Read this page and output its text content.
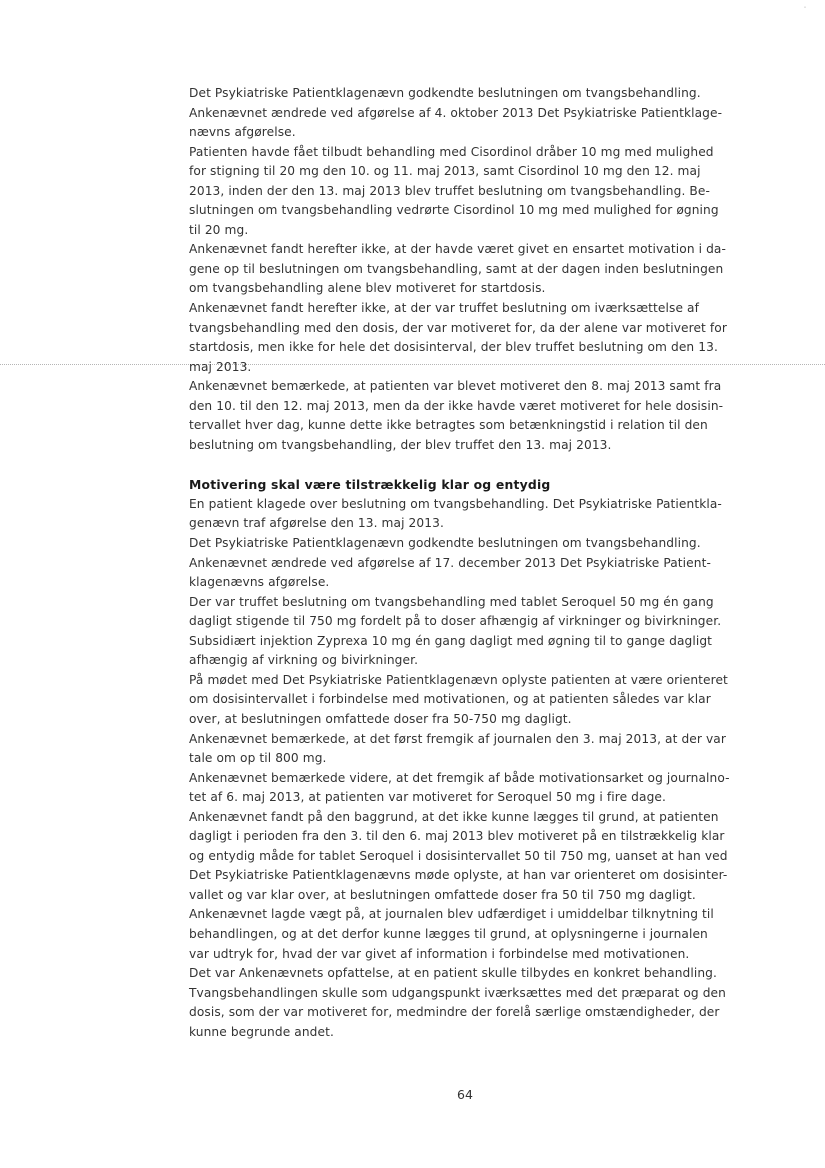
˙

Det Psykiatriske Patientklagenævn godkendte beslutningen om tvangsbehandling.

Ankenævnet ændrede ved afgørelse af 4. oktober 2013 Det Psykiatriske Patientklage-

nævns afgørelse.

Patienten havde fået tilbudt behandling med Cisordinol dråber 10 mg med mulighed

for stigning til 20 mg den 10. og 11. maj 2013, samt Cisordinol 10 mg den 12. maj

2013, inden der den 13. maj 2013 blev truffet beslutning om tvangsbehandling. Be-

slutningen om tvangsbehandling vedrørte Cisordinol 10 mg med mulighed for øgning

til 20 mg.

Ankenævnet fandt herefter ikke, at der havde været givet en ensartet motivation i da-

gene op til beslutningen om tvangsbehandling, samt at der dagen inden beslutningen

om tvangsbehandling alene blev motiveret for startdosis.

Ankenævnet fandt herefter ikke, at der var truffet beslutning om iværksættelse af

tvangsbehandling med den dosis, der var motiveret for, da der alene var motiveret for

startdosis, men ikke for hele det dosisinterval, der blev truffet beslutning om den 13.

maj 2013.

Ankenævnet bemærkede, at patienten var blevet motiveret den 8. maj 2013 samt fra

den 10. til den 12. maj 2013, men da der ikke havde været motiveret for hele dosisin-

tervallet hver dag, kunne dette ikke betragtes som betænkningstid i relation til den

beslutning om tvangsbehandling, der blev truffet den 13. maj 2013.

Motivering skal være tilstrækkelig klar og entydig

En patient klagede over beslutning om tvangsbehandling. Det Psykiatriske Patientkla-

genævn traf afgørelse den 13. maj 2013.

Det Psykiatriske Patientklagenævn godkendte beslutningen om tvangsbehandling.

Ankenævnet ændrede ved afgørelse af 17. december 2013 Det Psykiatriske Patient-

klagenævns afgørelse.

Der var truffet beslutning om tvangsbehandling med tablet Seroquel 50 mg én gang

dagligt stigende til 750 mg fordelt på to doser afhængig af virkninger og bivirkninger.

Subsidiært injektion Zyprexa 10 mg én gang dagligt med øgning til to gange dagligt

afhængig af virkning og bivirkninger.

På mødet med Det Psykiatriske Patientklagenævn oplyste patienten at være orienteret

om dosisintervallet i forbindelse med motivationen, og at patienten således var klar

over, at beslutningen omfattede doser fra 50-750 mg dagligt.

Ankenævnet bemærkede, at det først fremgik af journalen den 3. maj 2013, at der var

tale om op til 800 mg.

Ankenævnet bemærkede videre, at det fremgik af både motivationsarket og journalno-

tet af 6. maj 2013, at patienten var motiveret for Seroquel 50 mg i fire dage.

Ankenævnet fandt på den baggrund, at det ikke kunne lægges til grund, at patienten

dagligt i perioden fra den 3. til den 6. maj 2013 blev motiveret på en tilstrækkelig klar

og entydig måde for tablet Seroquel i dosisintervallet 50 til 750 mg, uanset at han ved

Det Psykiatriske Patientklagenævns møde oplyste, at han var orienteret om dosisinter-

vallet og var klar over, at beslutningen omfattede doser fra 50 til 750 mg dagligt.

Ankenævnet lagde vægt på, at journalen blev udfærdiget i umiddelbar tilknytning til

behandlingen, og at det derfor kunne lægges til grund, at oplysningerne i journalen

var udtryk for, hvad der var givet af information i forbindelse med motivationen.

Det var Ankenævnets opfattelse, at en patient skulle tilbydes en konkret behandling.

Tvangsbehandlingen skulle som udgangspunkt iværksættes med det præparat og den

dosis, som der var motiveret for, medmindre der forelå særlige omstændigheder, der

kunne begrunde andet.

64
